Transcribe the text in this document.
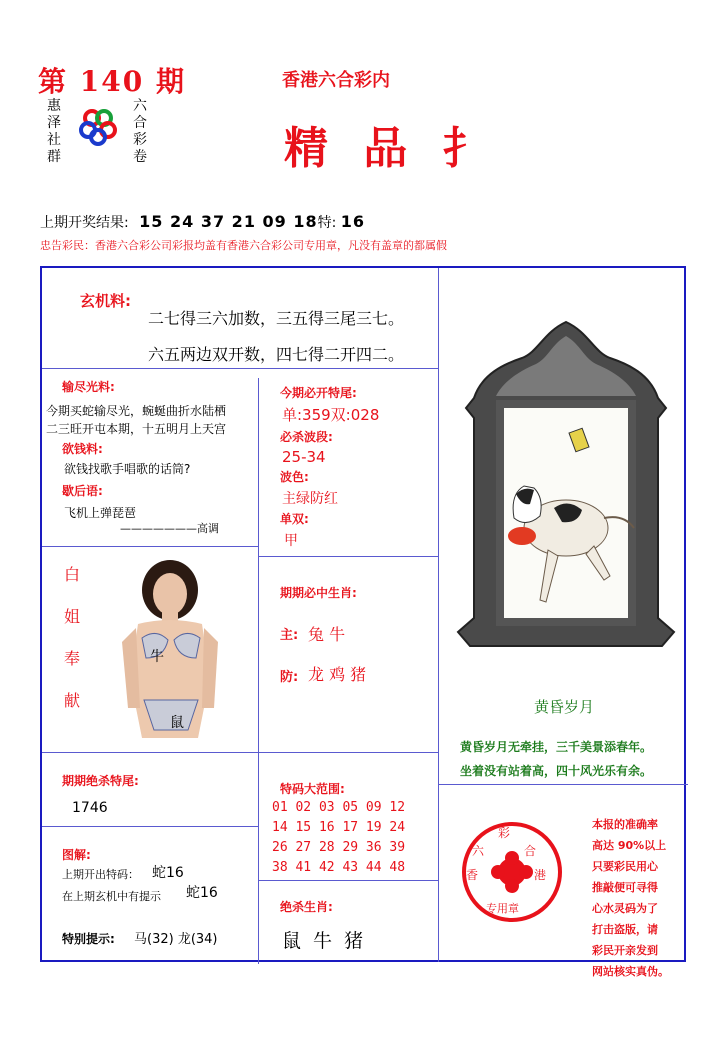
第 140 期
惠泽
社群
六合
彩卷
香港六合彩内
精 品 扌
上期开奖结果: 15 24 37 21 09 18特: 16
忠告彩民：香港六合彩公司彩报均盖有香港六合彩公司专用章，凡没有盖章的都属假
玄机料:
二七得三六加数，三五得三尾三七。
六五两边双开数，四七得二开四二。
输尽光料:
今期买蛇输尽光，蜿蜒曲折水陆栖
二三旺开屯本期，十五明月上天宫
欲钱料:
欲钱找歌手唱歌的话筒?
歇后语:
飞机上弹琵琶
———————高调
今期必开特尾:
单:359双:028
必杀波段:
25-34
波色:
主绿防红
单双:
甲
白
姐
奉
献
牛
鼠
期期必中生肖:
主: 兔 牛
防: 龙 鸡 猪
黄昏岁月
黄昏岁月无牵挂，三千美景添春年。
坐着没有站着高，四十风光乐有余。
期期绝杀特尾:
1746
特码大范围:
01 02 03 05 09 12
14 15 16 17 19 24
26 27 28 29 36 39
38 41 42 43 44 48
图解:
上期开出特码： 蛇16
在上期玄机中有提示 蛇16
特别提示: 马(32) 龙(34)
绝杀生肖:
鼠 牛 猪
彩
六	合
香	港
专用章
本报的准确率
高达 90%以上
只要彩民用心
推敲便可寻得
心水灵码为了
打击盗版，请
彩民开亲发到
网站核实真伪。
